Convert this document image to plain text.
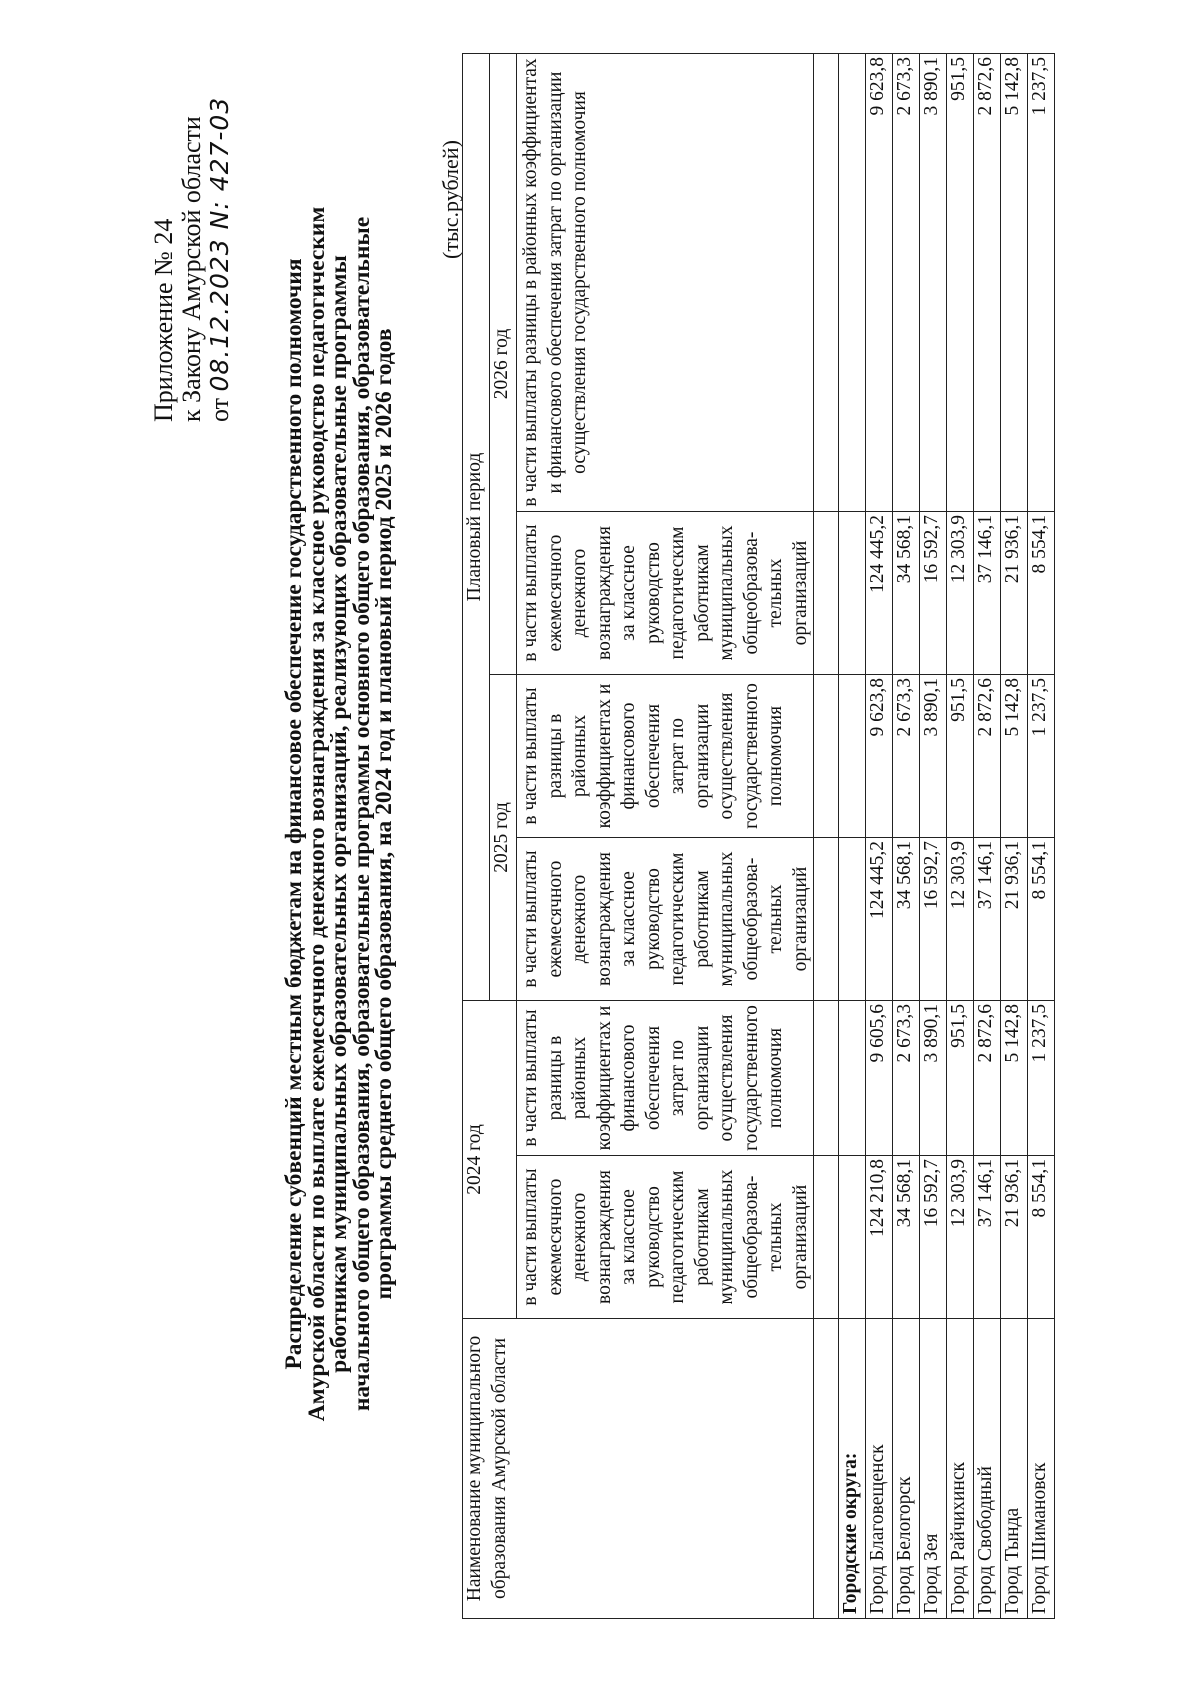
Приложение № 24 к Закону Амурской области от 08.12.2023 N: 427-03
Распределение субвенций местным бюджетам на финансовое обеспечение государственного полномочия
Амурской области по выплате ежемесячного денежного вознаграждения за классное руководство педагогическим
работникам муниципальных образовательных организаций, реализующих образовательные программы
начального общего образования, образовательные программы основного общего образования, образовательные
программы среднего общего образования, на 2024 год и плановый период 2025 и 2026 годов
(тыс.рублей)
Наименование муниципального образования Амурской области	2024 год		Плановый период			
			2025 год		2026 год	
	в части выплаты ежемесячного денежного вознаграждения за классное руководство педагогическим работникам муниципальных общеобразова-тельных организаций	в части выплаты разницы в районных коэффициентах и финансового обеспечения затрат по организации осуществления государственного полномочия	в части выплаты ежемесячного денежного вознаграждения за классное руководство педагогическим работникам муниципальных общеобразова-тельных организаций	в части выплаты разницы в районных коэффициентах и финансового обеспечения затрат по организации осуществления государственного полномочия	в части выплаты ежемесячного денежного вознаграждения за классное руководство педагогическим работникам муниципальных общеобразова-тельных организаций	в части выплаты разницы в районных коэффициентах и финансового обеспечения затрат по организации осуществления государственного полномочия

Городские округа:						
Город Благовещенск	124 210,8	9 605,6	124 445,2	9 623,8	124 445,2	9 623,8
Город Белогорск	34 568,1	2 673,3	34 568,1	2 673,3	34 568,1	2 673,3
Город Зея	16 592,7	3 890,1	16 592,7	3 890,1	16 592,7	3 890,1
Город Райчихинск	12 303,9	951,5	12 303,9	951,5	12 303,9	951,5
Город Свободный	37 146,1	2 872,6	37 146,1	2 872,6	37 146,1	2 872,6
Город Тында	21 936,1	5 142,8	21 936,1	5 142,8	21 936,1	5 142,8
Город Шимановск	8 554,1	1 237,5	8 554,1	1 237,5	8 554,1	1 237,5
